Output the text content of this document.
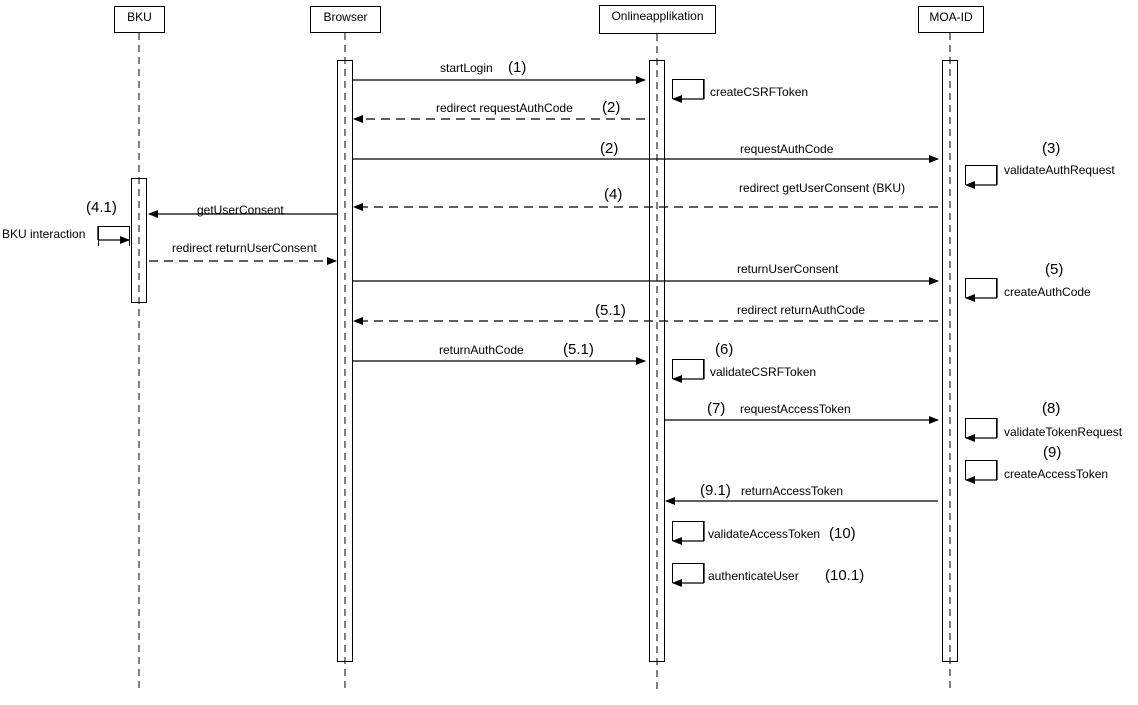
BKU	Browser	Onlineapplikation	MOA-ID
startLogin (1)
createCSRFToken
redirect requestAuthCode (2)
(2)	requestAuthCode	(3)
validateAuthRequest
(4)	redirect getUserConsent (BKU)
(4.1)	getUserConsent
BKU interaction
redirect returnUserConsent
returnUserConsent	(5)
createAuthCode
(5.1)	redirect returnAuthCode
returnAuthCode	(5.1)	(6)
validateCSRFToken
(7) requestAccessToken	(8)
validateTokenRequest
(9)
createAccessToken
(9.1) returnAccessToken
validateAccessToken (10)
authenticateUser (10.1)
